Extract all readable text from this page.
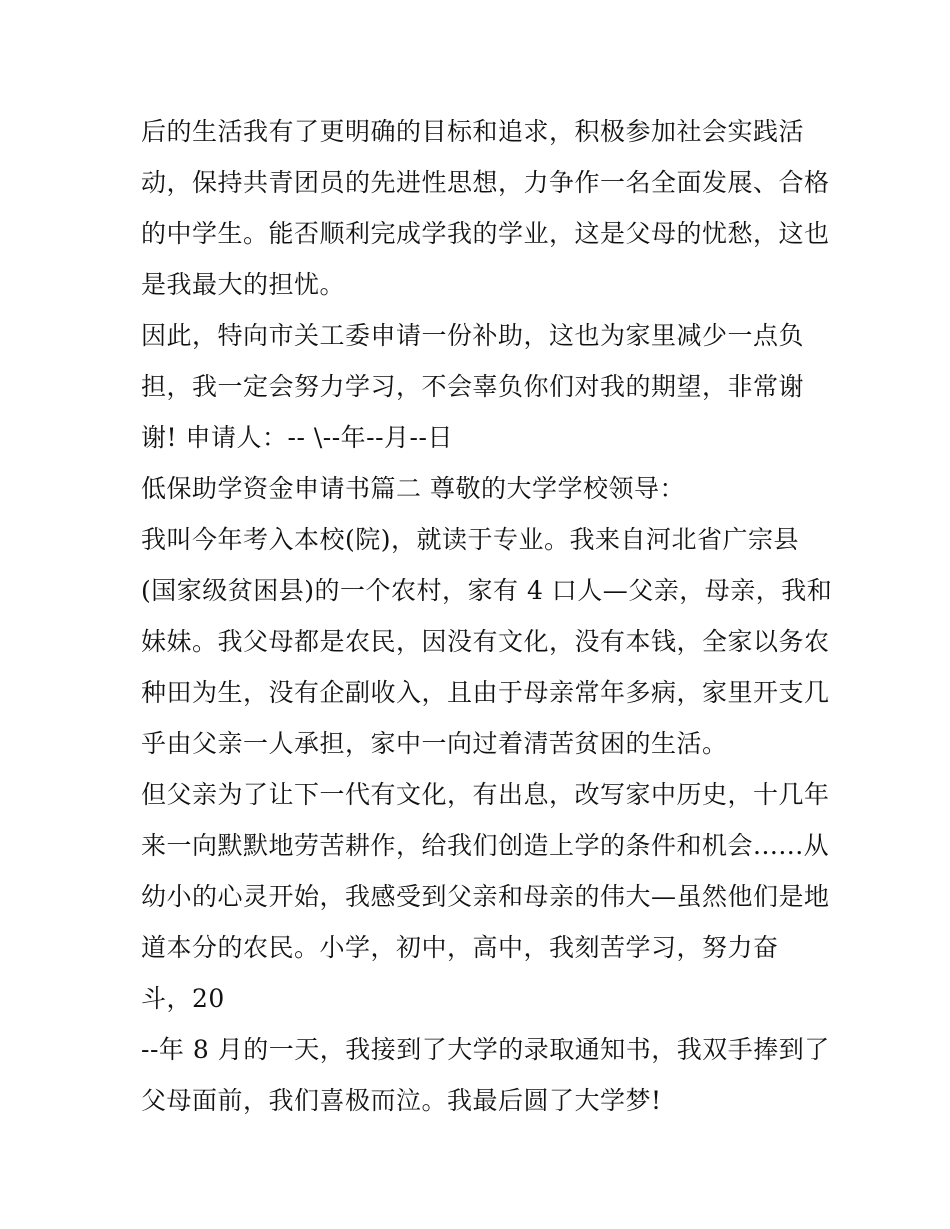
后的生活我有了更明确的目标和追求，积极参加社会实践活
动，保持共青团员的先进性思想，力争作一名全面发展、合格
的中学生。能否顺利完成学我的学业，这是父母的忧愁，这也
是我最大的担忧。
因此，特向市关工委申请一份补助，这也为家里减少一点负
担，我一定会努力学习，不会辜负你们对我的期望，非常谢
谢! 申请人：-- \--年--月--日
低保助学资金申请书篇二 尊敬的大学学校领导：
我叫今年考入本校(院)，就读于专业。我来自河北省广宗县
(国家级贫困县)的一个农村，家有 4 口人—父亲，母亲，我和
妹妹。我父母都是农民，因没有文化，没有本钱，全家以务农
种田为生，没有企副收入，且由于母亲常年多病，家里开支几
乎由父亲一人承担，家中一向过着清苦贫困的生活。
但父亲为了让下一代有文化，有出息，改写家中历史，十几年
来一向默默地劳苦耕作，给我们创造上学的条件和机会......从
幼小的心灵开始，我感受到父亲和母亲的伟大—虽然他们是地
道本分的农民。小学，初中，高中，我刻苦学习，努力奋
斗，20
--年 8 月的一天，我接到了大学的录取通知书，我双手捧到了
父母面前，我们喜极而泣。我最后圆了大学梦!
